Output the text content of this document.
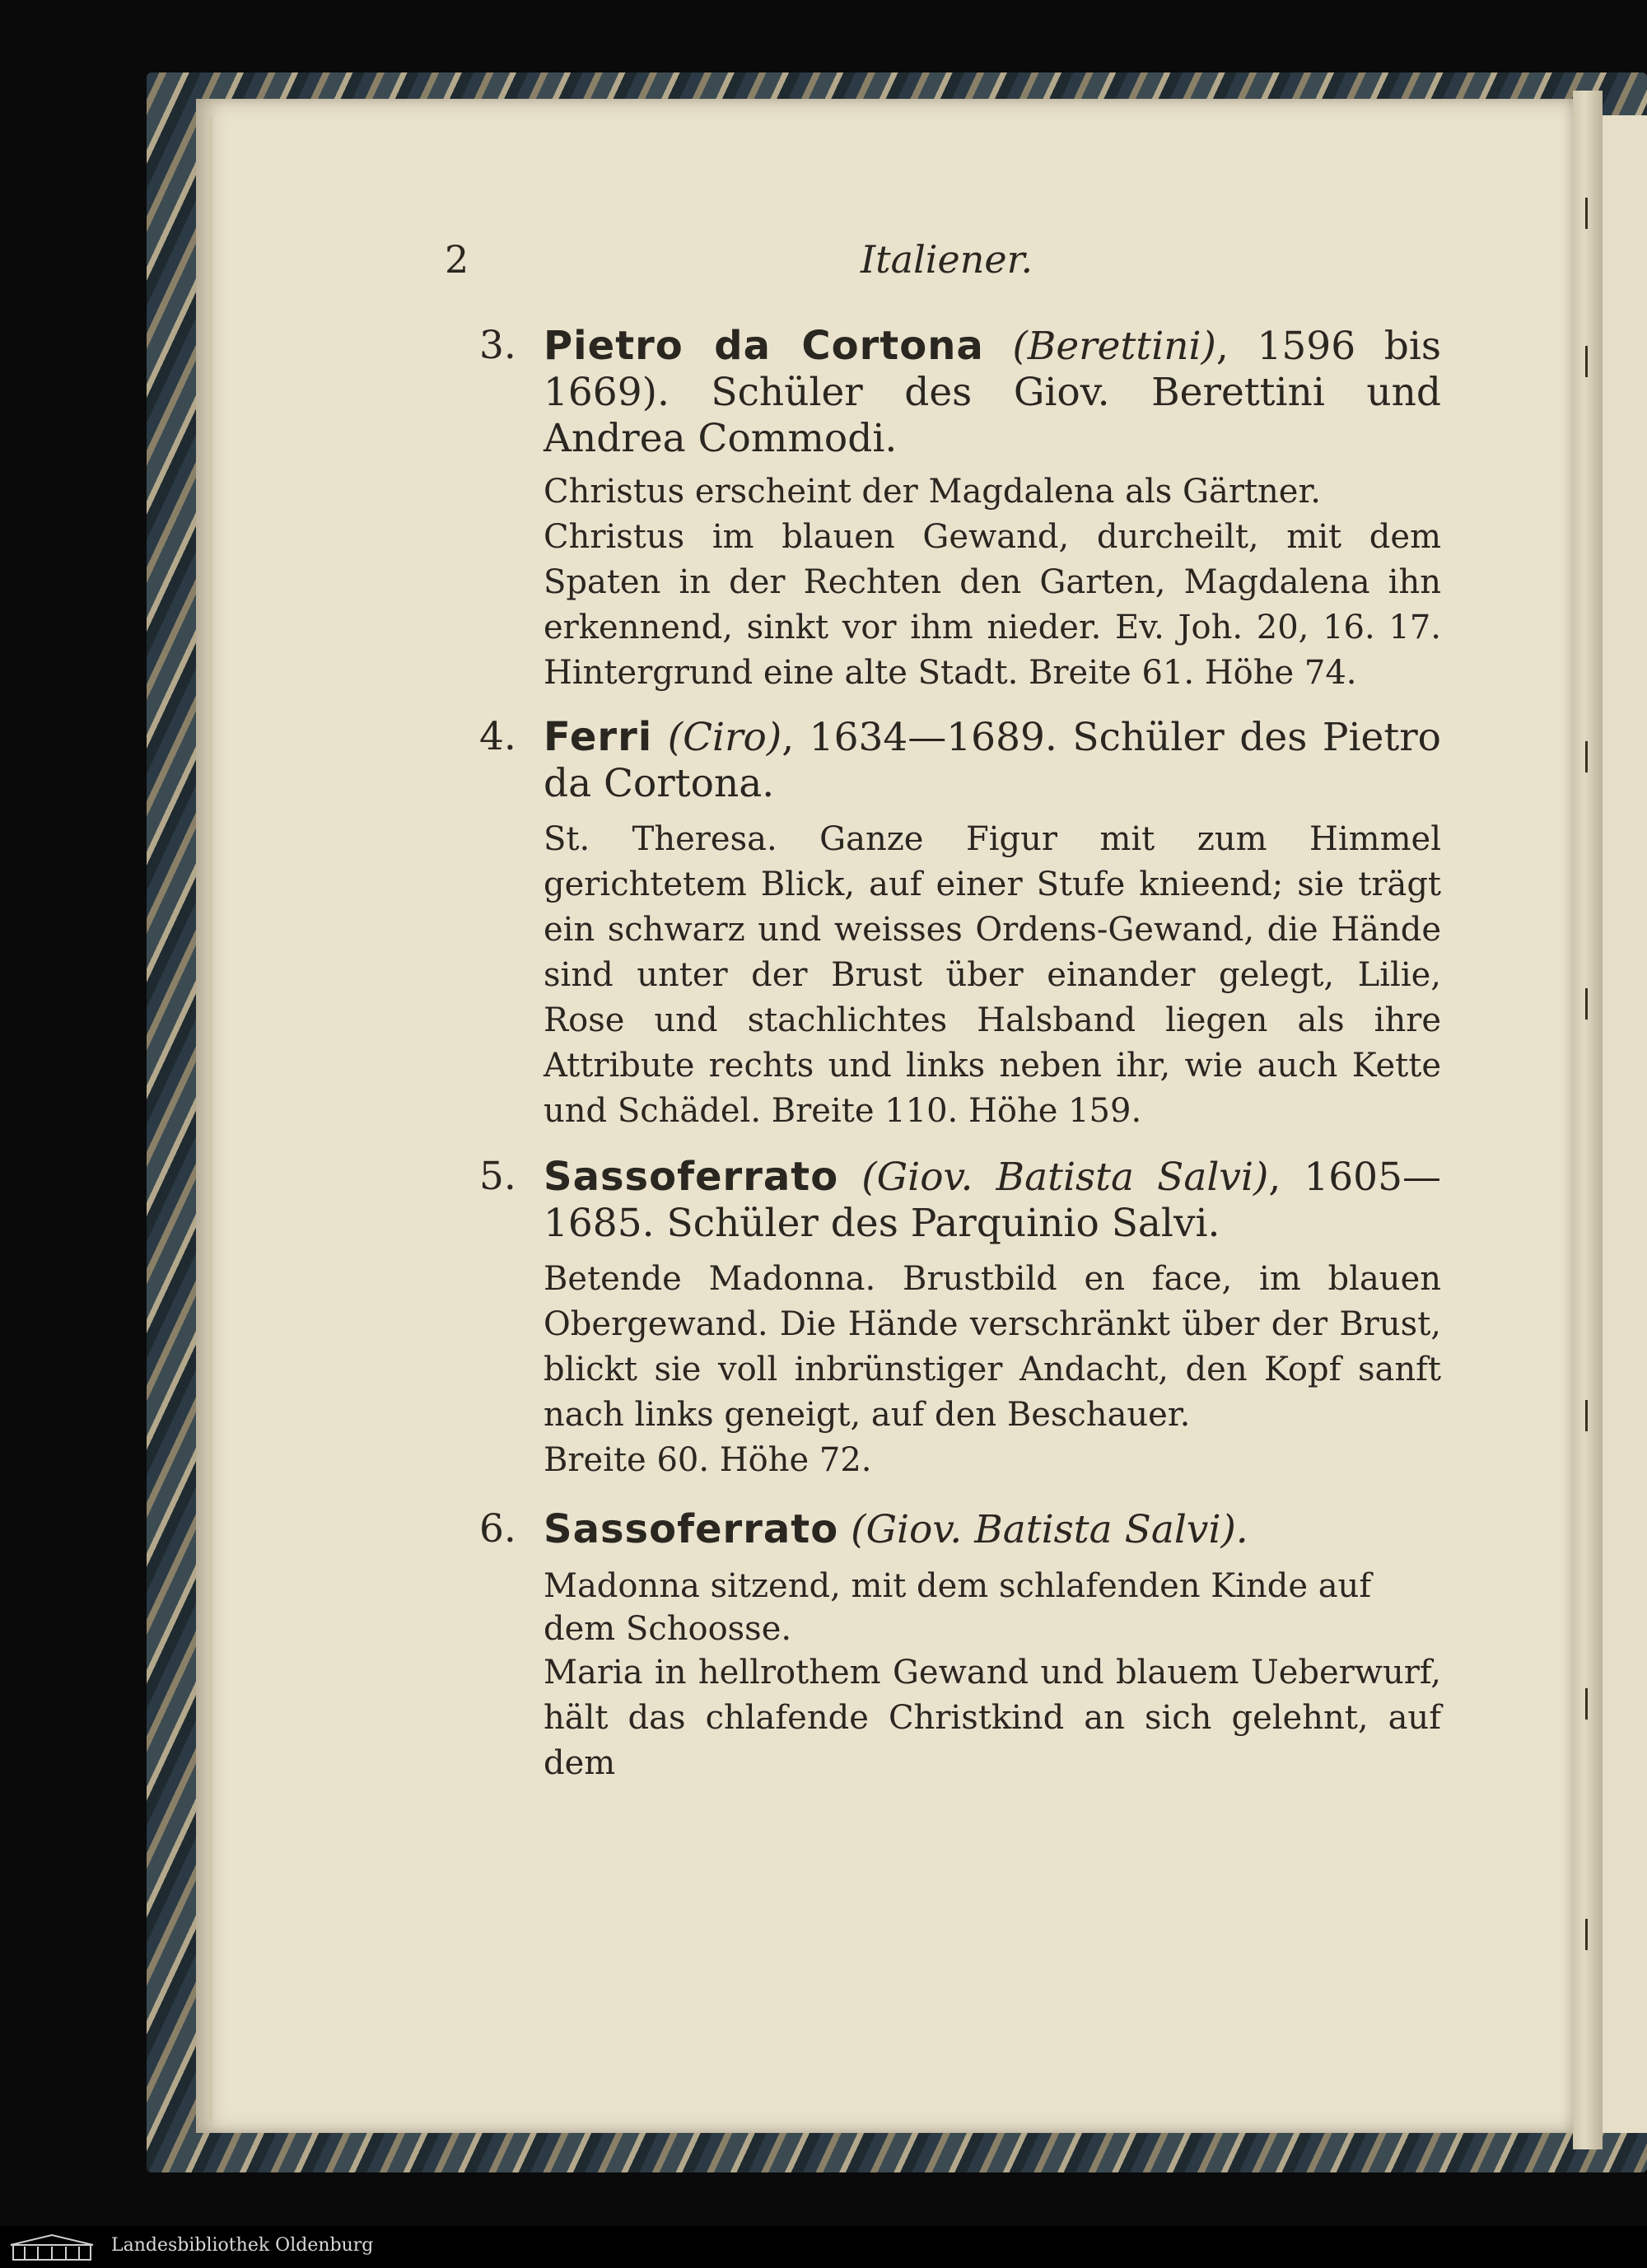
2	Italiener.
3. Pietro da Cortona (Berettini), 1596 bis 1669). Schüler des Giov. Berettini und Andrea Commodi.

Christus erscheint der Magdalena als Gärtner.

Christus im blauen Gewand, durcheilt, mit dem Spaten in der Rechten den Garten, Magdalena ihn erkennend, sinkt vor ihm nieder. Ev. Joh. 20, 16. 17. Hintergrund eine alte Stadt. Breite 61. Höhe 74.

4. Ferri (Ciro), 1634—1689. Schüler des Pietro da Cortona.

St. Theresa. Ganze Figur mit zum Himmel gerichtetem Blick, auf einer Stufe knieend; sie trägt ein schwarz und weisses Ordens-Gewand, die Hände sind unter der Brust über einander gelegt, Lilie, Rose und stachlichtes Halsband liegen als ihre Attribute rechts und links neben ihr, wie auch Kette und Schädel. Breite 110. Höhe 159.

5. Sassoferrato (Giov. Batista Salvi), 1605—1685. Schüler des Parquinio Salvi.

Betende Madonna. Brustbild en face, im blauen Obergewand. Die Hände verschränkt über der Brust, blickt sie voll inbrünstiger Andacht, den Kopf sanft nach links geneigt, auf den Beschauer.

Breite 60. Höhe 72.

6. Sassoferrato (Giov. Batista Salvi).

Madonna sitzend, mit dem schlafenden Kinde auf dem Schoosse.

Maria in hellrothem Gewand und blauem Ueberwurf, hält das chlafende Christkind an sich gelehnt, auf dem

Landesbibliothek Oldenburg
